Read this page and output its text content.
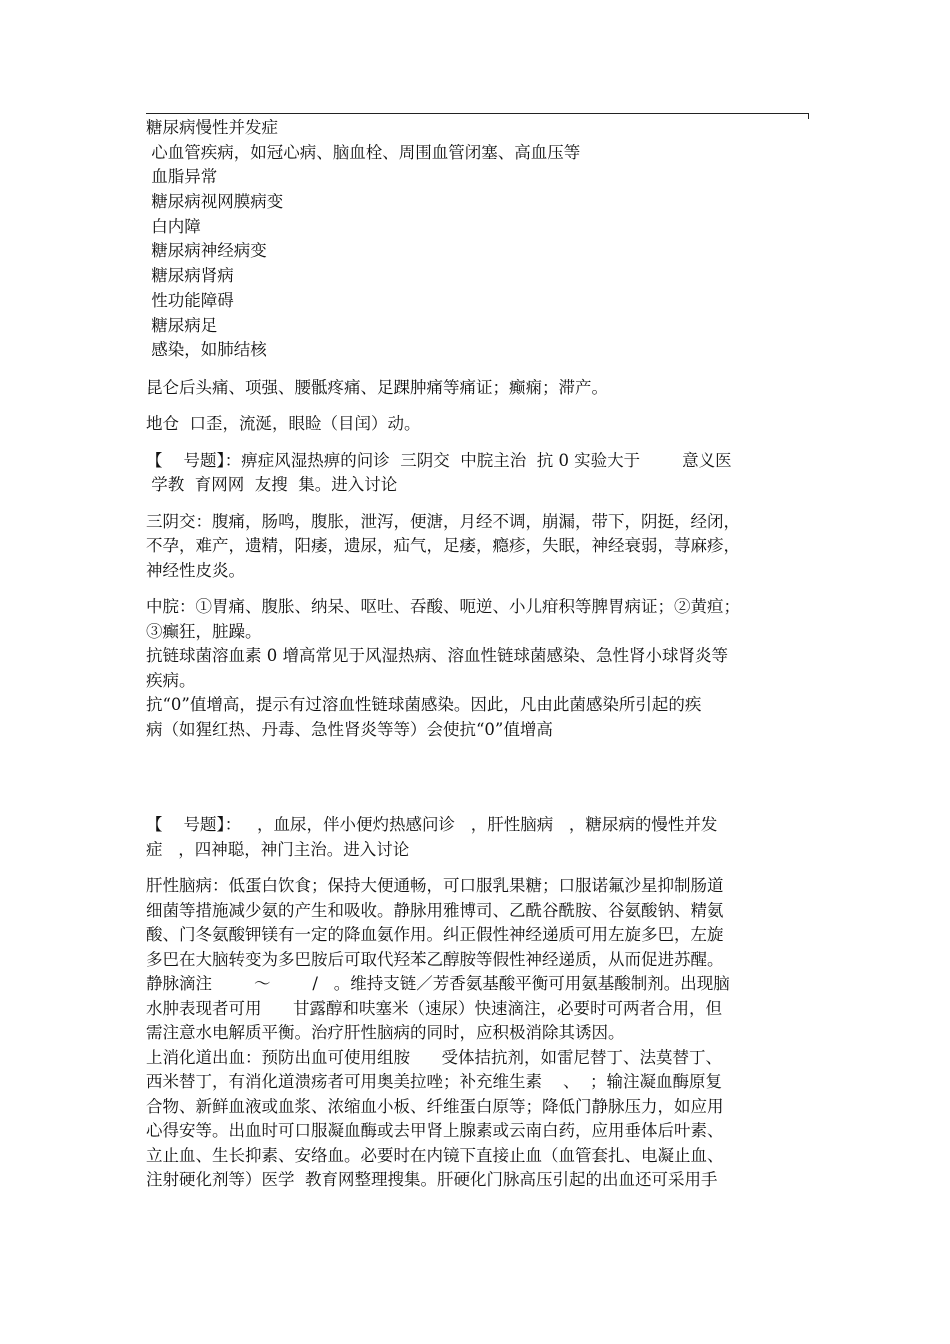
糖尿病慢性并发症
心血管疾病，如冠心病、脑血栓、周围血管闭塞、高血压等
血脂异常
糖尿病视网膜病变
白内障
糖尿病神经病变
糖尿病肾病
性功能障碍
糖尿病足
感染，如肺结核
昆仑后头痛、项强、腰骶疼痛、足踝肿痛等痛证；癫痫；滞产。
地仓  口歪，流涎，眼睑（目闰）动。
【    号题】：痹症风湿热痹的问诊  三阴交  中脘主治  抗 0 实验大于        意义医
学教  育网网  友搜  集。进入讨论
三阴交：腹痛，肠鸣，腹胀，泄泻，便溏，月经不调，崩漏，带下，阴挺，经闭，
不孕，难产，遗精，阳痿，遗尿，疝气，足痿，瘾疹，失眠，神经衰弱，荨麻疹，
神经性皮炎。
中脘：①胃痛、腹胀、纳呆、呕吐、吞酸、呃逆、小儿疳积等脾胃病证；②黄疸；
③癫狂，脏躁。
抗链球菌溶血素 0 增高常见于风湿热病、溶血性链球菌感染、急性肾小球肾炎等
疾病。
抗“0”值增高，提示有过溶血性链球菌感染。因此，凡由此菌感染所引起的疾
病（如猩红热、丹毒、急性肾炎等等）会使抗“0”值增高
【    号题】：   ，血尿，伴小便灼热感问诊   ，肝性脑病   ，糖尿病的慢性并发
症   ，四神聪，神门主治。进入讨论
肝性脑病：低蛋白饮食；保持大便通畅，可口服乳果糖；口服诺氟沙星抑制肠道
细菌等措施减少氨的产生和吸收。静脉用雅博司、乙酰谷酰胺、谷氨酸钠、精氨
酸、门冬氨酸钾镁有一定的降血氨作用。纠正假性神经递质可用左旋多巴，左旋
多巴在大脑转变为多巴胺后可取代羟苯乙醇胺等假性神经递质，从而促进苏醒。
静脉滴注        ～        /   。维持支链／芳香氨基酸平衡可用氨基酸制剂。出现脑
水肿表现者可用      甘露醇和呋塞米（速尿）快速滴注，必要时可两者合用，但
需注意水电解质平衡。治疗肝性脑病的同时，应积极消除其诱因。
上消化道出血：预防出血可使用组胺      受体拮抗剂，如雷尼替丁、法莫替丁、
西米替丁，有消化道溃疡者可用奥美拉唑；补充维生素    、  ；输注凝血酶原复
合物、新鲜血液或血浆、浓缩血小板、纤维蛋白原等；降低门静脉压力，如应用
心得安等。出血时可口服凝血酶或去甲肾上腺素或云南白药，应用垂体后叶素、
立止血、生长抑素、安络血。必要时在内镜下直接止血（血管套扎、电凝止血、
注射硬化剂等）医学  教育网整理搜集。肝硬化门脉高压引起的出血还可采用手
